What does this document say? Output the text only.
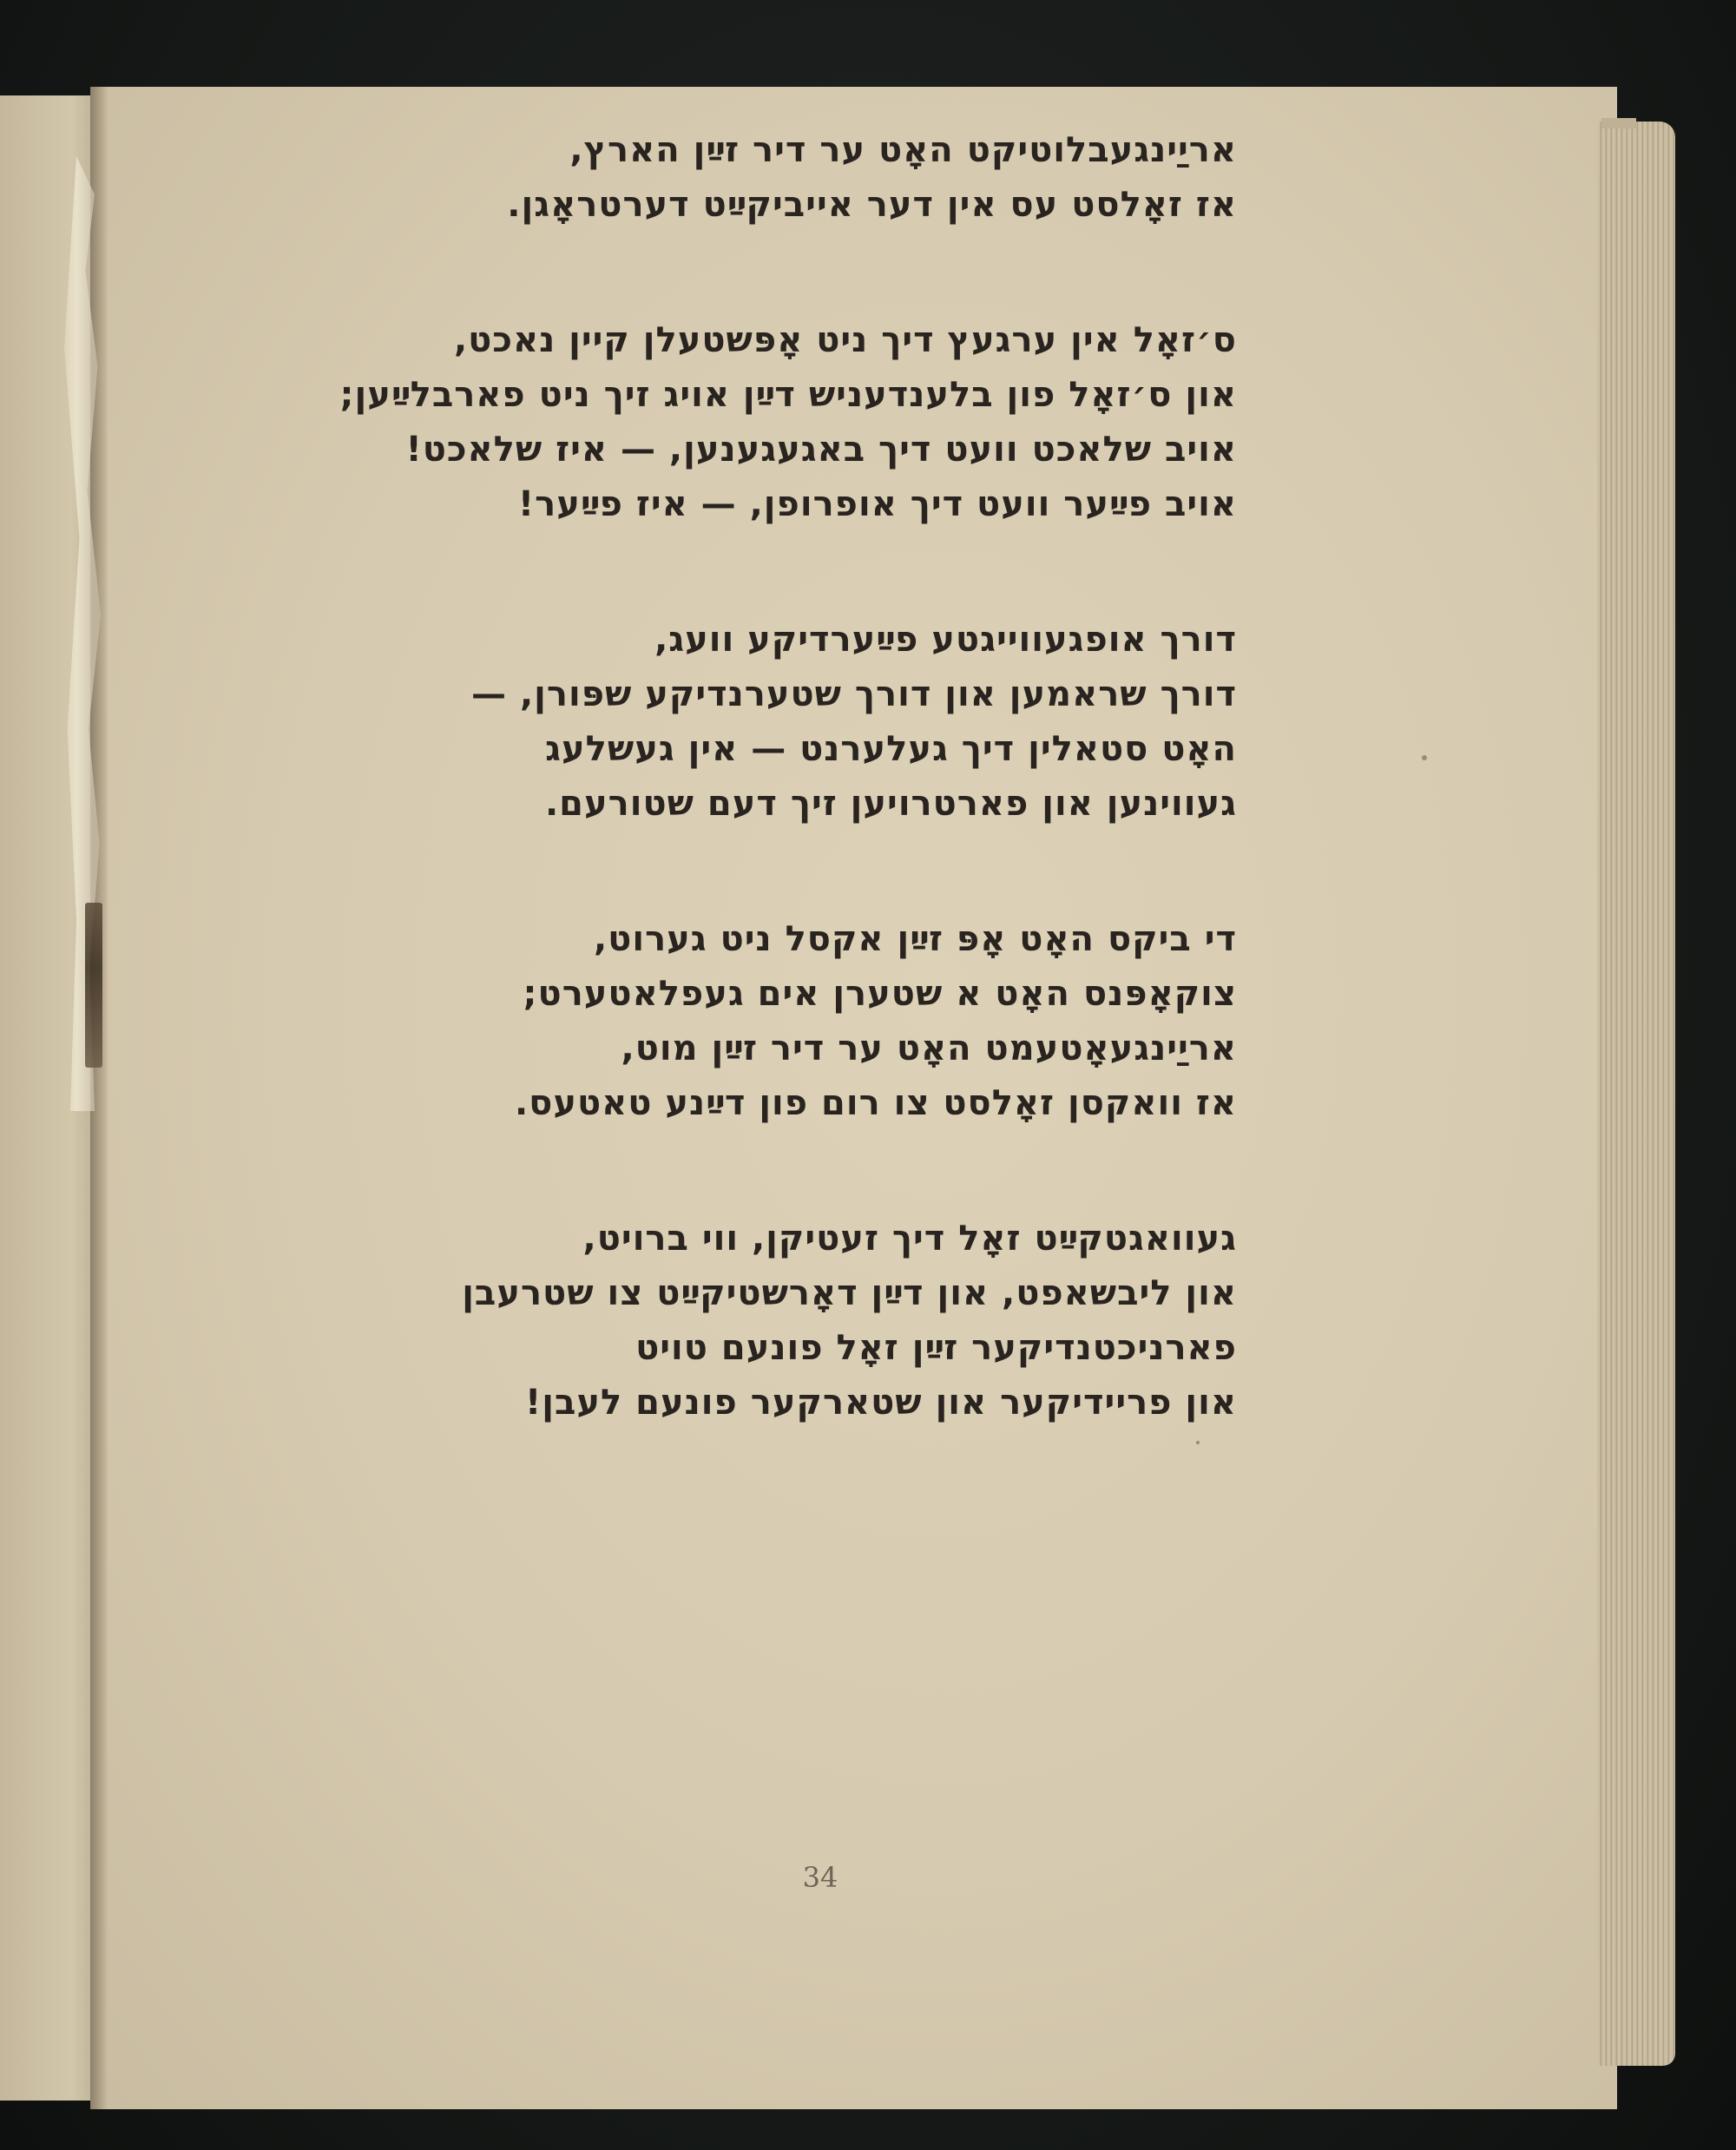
אריַינגעבלוטיקט האָט ער דיר זײַן הארץ,
אז זאָלסט עס אין דער אייביקײַט דערטראָגן.
ס׳זאָל אין ערגעץ דיך ניט אָפּשטעלן קיין נאכט,
און ס׳זאָל פון בלענדעניש דײַן אויג זיך ניט פארבלײַען;
אויב שלאכט וועט דיך באגעגענען, — איז שלאכט!
אויב פײַער וועט דיך אופרופן, — איז פײַער!
דורך אופגעווייגטע פײַערדיקע וועג,
דורך שראמען און דורך שטערנדיקע שפּורן, —
האָט סטאלין דיך געלערנט — אין געשלעג
געווינען און פארטרויען זיך דעם שטורעם.
די ביקס האָט אָפּ זײַן אקסל ניט גערוט,
צוקאָפּנס האָט א שטערן אים געפלאטערט;
אריַינגעאָטעמט האָט ער דיר זײַן מוט,
אז וואקסן זאָלסט צו רום פון דײַנע טאטעס.
געוואגטקײַט זאָל דיך זעטיקן, ווי ברויט,
און ליבשאפט, און דײַן דאָרשטיקײַט צו שטרעבן
פארניכטנדיקער זײַן זאָל פונעם טויט
און פריידיקער און שטארקער פונעם לעבן!
34
